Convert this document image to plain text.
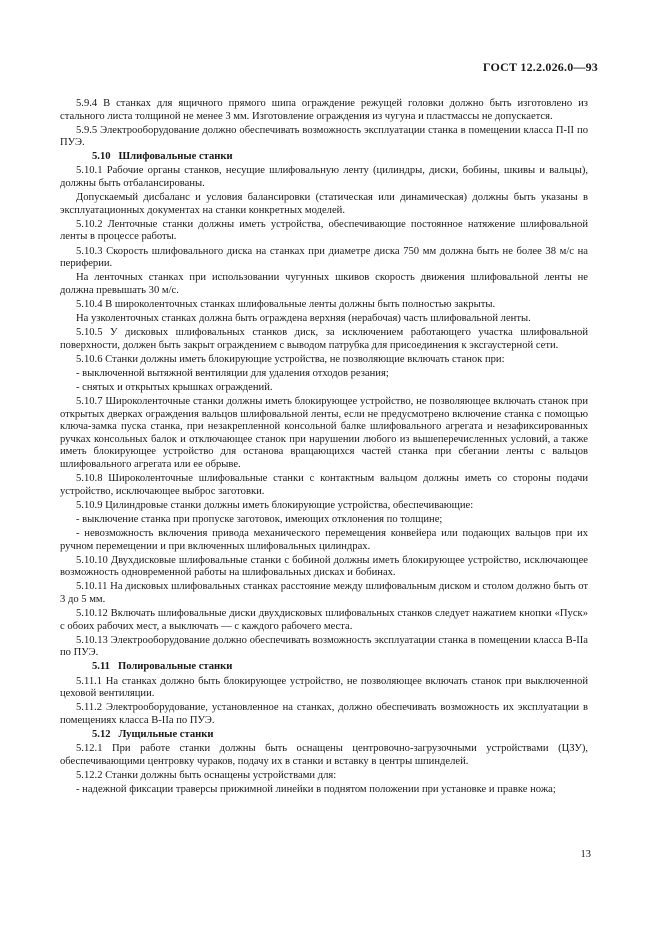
ГОСТ 12.2.026.0—93
5.9.4 В станках для ящичного прямого шипа ограждение режущей головки должно быть изготовлено из стального листа толщиной не менее 3 мм. Изготовление ограждения из чугуна и пластмассы не допускается.
5.9.5 Электрооборудование должно обеспечивать возможность эксплуатации станка в помещении класса П-II по ПУЭ.
5.10 Шлифовальные станки
5.10.1 Рабочие органы станков, несущие шлифовальную ленту (цилиндры, диски, бобины, шкивы и вальцы), должны быть отбалансированы.
Допускаемый дисбаланс и условия балансировки (статическая или динамическая) должны быть указаны в эксплуатационных документах на станки конкретных моделей.
5.10.2 Ленточные станки должны иметь устройства, обеспечивающие постоянное натяжение шлифовальной ленты в процессе работы.
5.10.3 Скорость шлифовального диска на станках при диаметре диска 750 мм должна быть не более 38 м/с на периферии.
На ленточных станках при использовании чугунных шкивов скорость движения шлифовальной ленты не должна превышать 30 м/с.
5.10.4 В широколенточных станках шлифовальные ленты должны быть полностью закрыты.
На узколенточных станках должна быть ограждена верхняя (нерабочая) часть шлифовальной ленты.
5.10.5 У дисковых шлифовальных станков диск, за исключением работающего участка шлифовальной поверхности, должен быть закрыт ограждением с выводом патрубка для присоединения к эксгаустерной сети.
5.10.6 Станки должны иметь блокирующие устройства, не позволяющие включать станок при:
- выключенной вытяжной вентиляции для удаления отходов резания;
- снятых и открытых крышках ограждений.
5.10.7 Широколенточные станки должны иметь блокирующее устройство, не позволяющее включать станок при открытых дверках ограждения вальцов шлифовальной ленты, если не предусмотрено включение станка с помощью ключа-замка пуска станка, при незакрепленной консольной балке шлифовального агрегата и незафиксированных ручках консольных балок и отключающее станок при нарушении любого из вышеперечисленных условий, а также иметь блокирующее устройство для останова вращающихся частей станка при сбегании ленты с вальцов шлифовального агрегата или ее обрыве.
5.10.8 Широколенточные шлифовальные станки с контактным вальцом должны иметь со стороны подачи устройство, исключающее выброс заготовки.
5.10.9 Цилиндровые станки должны иметь блокирующие устройства, обеспечивающие:
- выключение станка при пропуске заготовок, имеющих отклонения по толщине;
- невозможность включения привода механического перемещения конвейера или подающих вальцов при их ручном перемещении и при включенных шлифовальных цилиндрах.
5.10.10 Двухдисковые шлифовальные станки с бобиной должны иметь блокирующее устройство, исключающее возможность одновременной работы на шлифовальных дисках и бобинах.
5.10.11 На дисковых шлифовальных станках расстояние между шлифовальным диском и столом должно быть от 3 до 5 мм.
5.10.12 Включать шлифовальные диски двухдисковых шлифовальных станков следует нажатием кнопки «Пуск» с обоих рабочих мест, а выключать — с каждого рабочего места.
5.10.13 Электрооборудование должно обеспечивать возможность эксплуатации станка в помещении класса В-IIа по ПУЭ.
5.11 Полировальные станки
5.11.1 На станках должно быть блокирующее устройство, не позволяющее включать станок при выключенной цеховой вентиляции.
5.11.2 Электрооборудование, установленное на станках, должно обеспечивать возможность их эксплуатации в помещениях класса В-IIа по ПУЭ.
5.12 Лущильные станки
5.12.1 При работе станки должны быть оснащены центровочно-загрузочными устройствами (ЦЗУ), обеспечивающими центровку чураков, подачу их в станки и вставку в центры шпинделей.
5.12.2 Станки должны быть оснащены устройствами для:
- надежной фиксации траверсы прижимной линейки в поднятом положении при установке и правке ножа;
13
